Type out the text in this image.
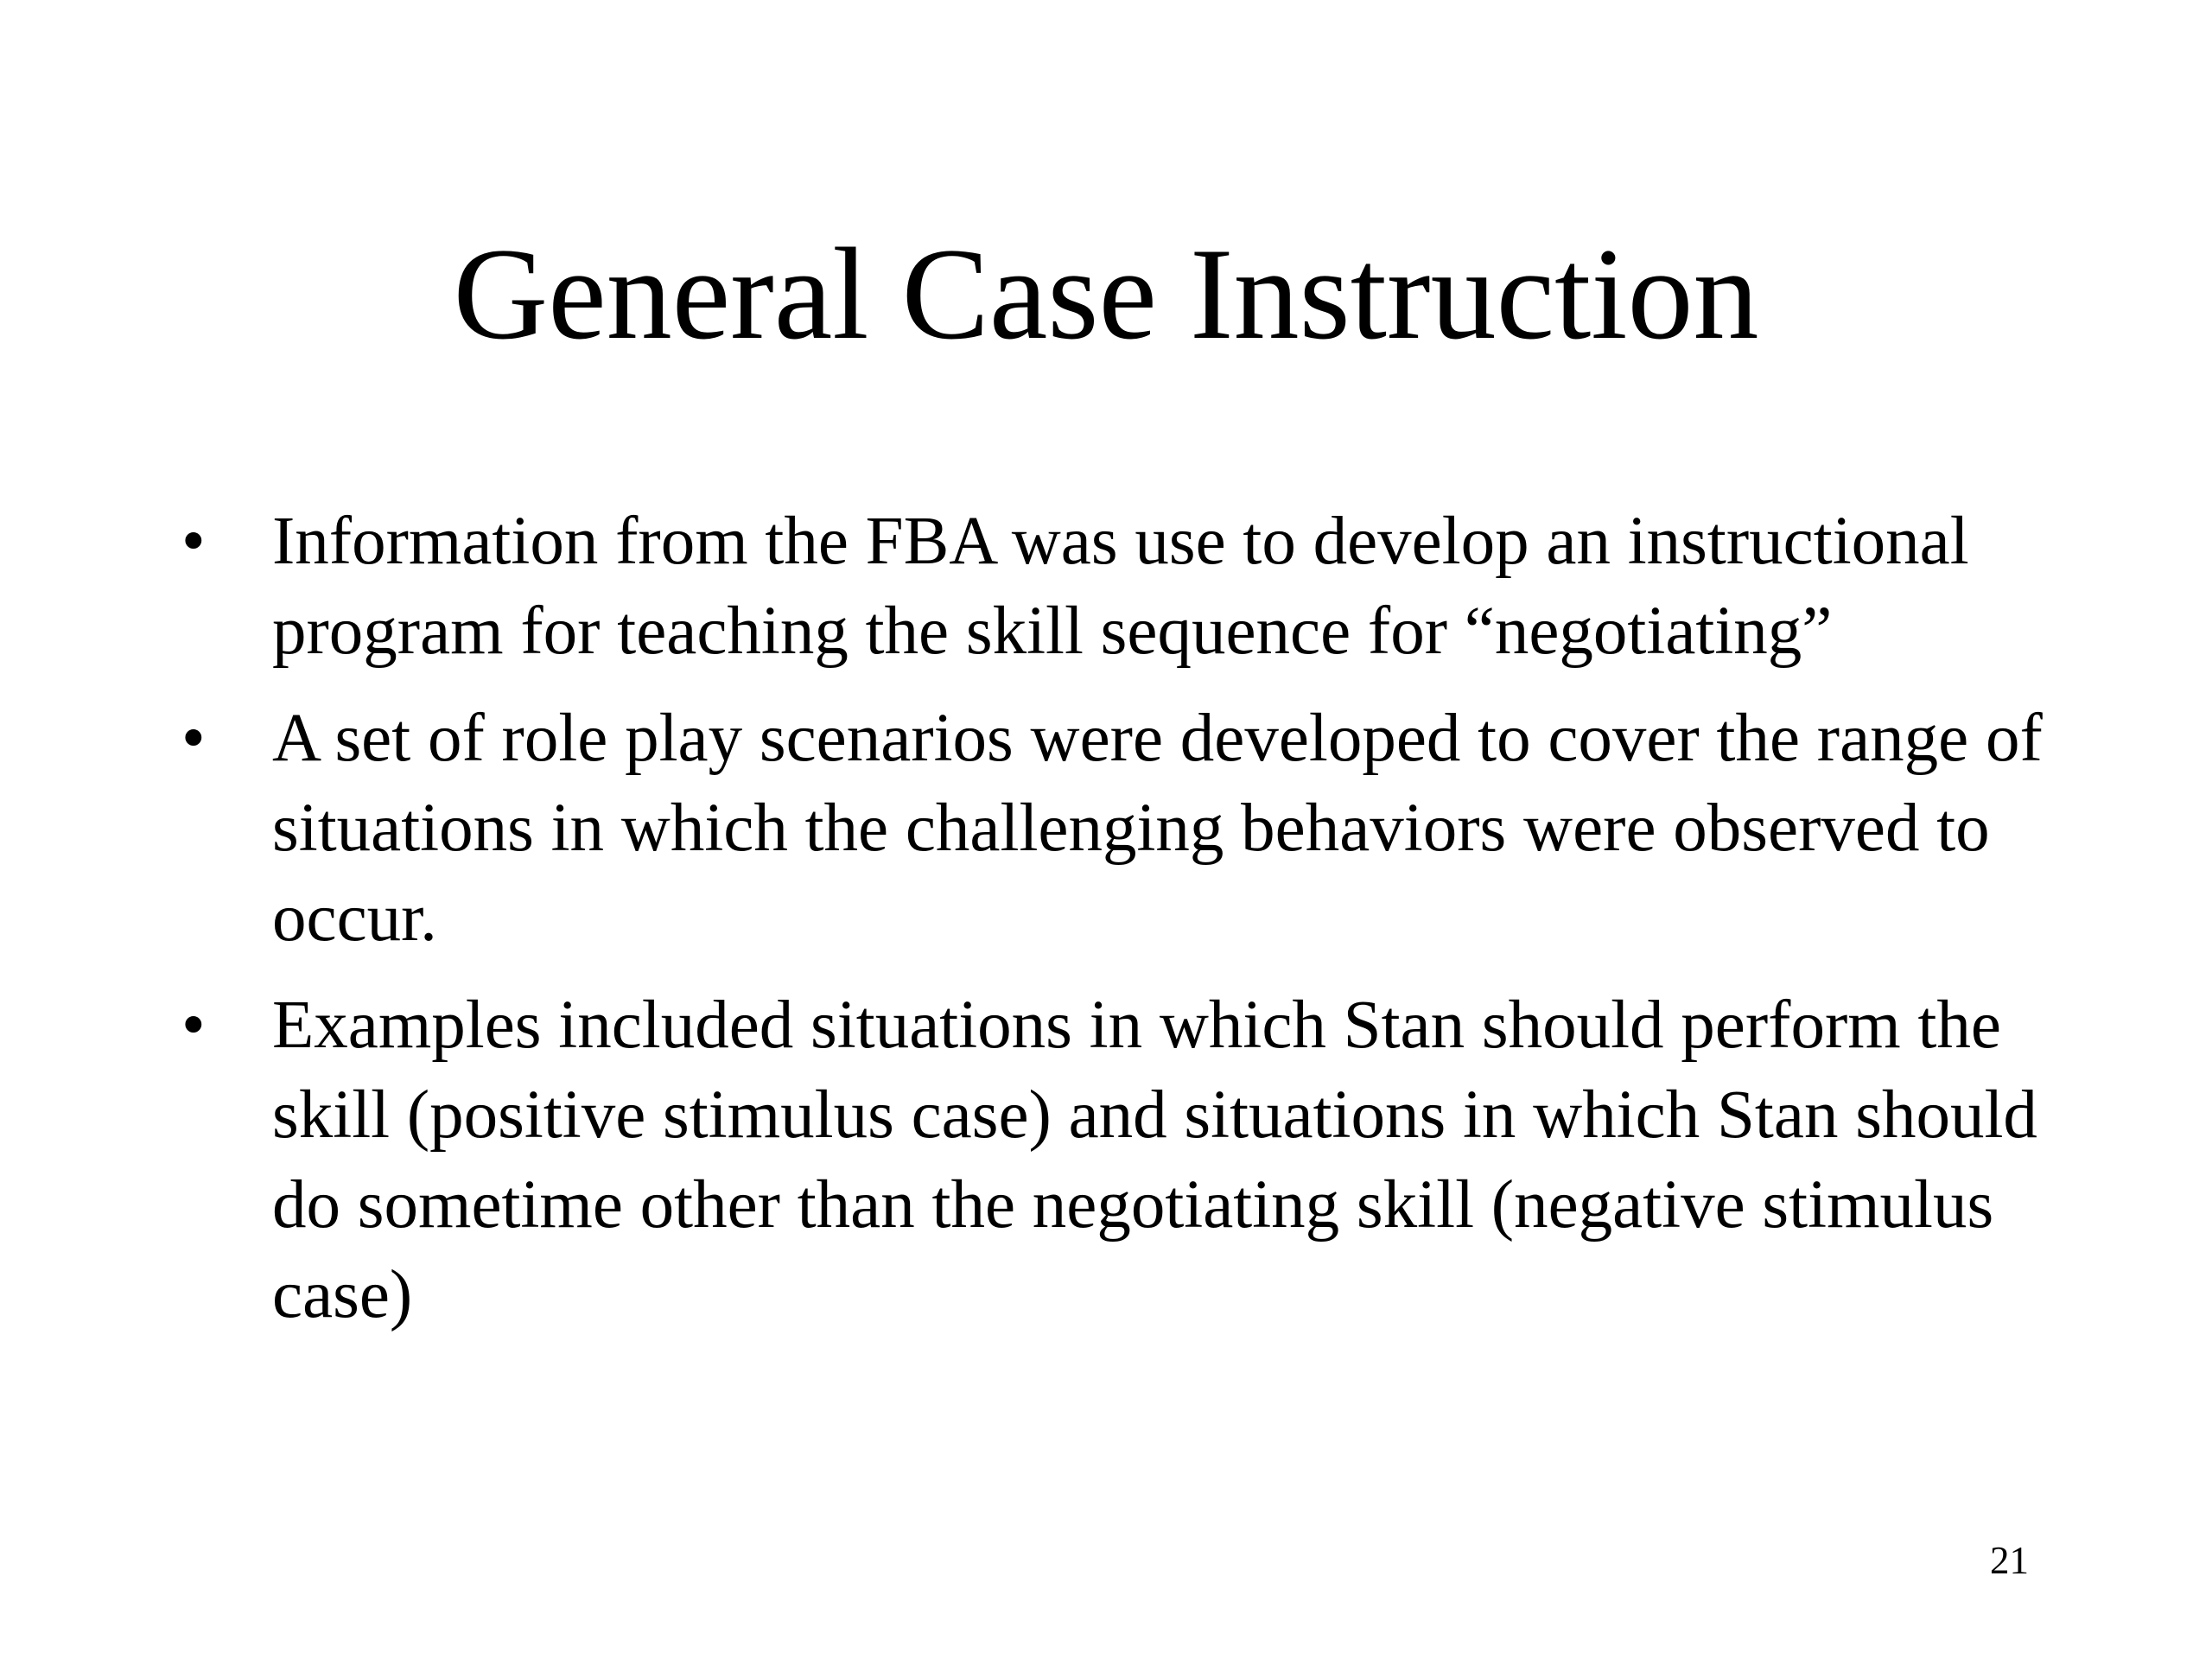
General Case Instruction
• Information from the FBA was use to develop an instructional program for teaching the skill sequence for “negotiating”
• A set of role play scenarios were developed to cover the range of situations in which the challenging behaviors were observed to occur.
• Examples included situations in which Stan should perform the skill (positive stimulus case) and situations in which Stan should do sometime other than the negotiating skill (negative stimulus case)
21
